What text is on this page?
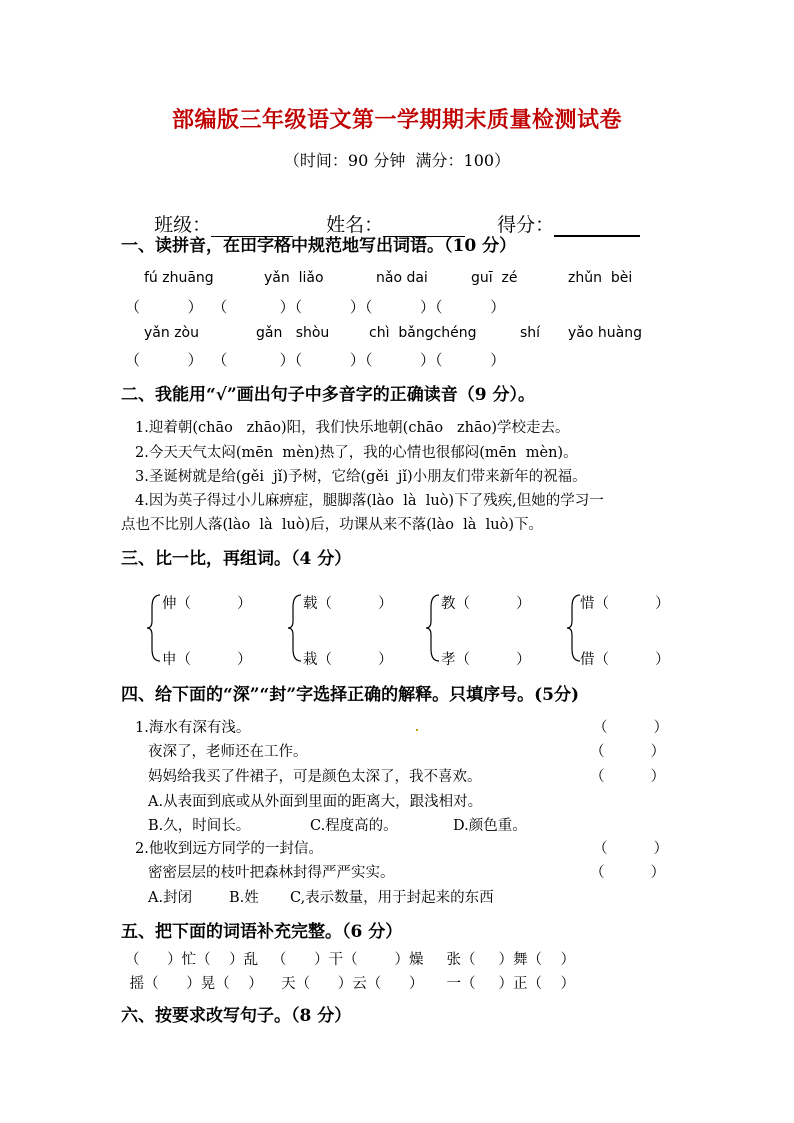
部编版三年级语文第一学期期末质量检测试卷
（时间：90 分钟  满分：100）

班级：	姓名：	得分：

一、读拼音，在田字格中规范地写出词语。（10 分）
fú zhuāng	yǎn  liǎo	nǎo dai	guī  zé	zhǔn  bèi
（          ）  （           ）（          ）（          ）（          ）
yǎn zòu	gǎn   shòu	chì  bǎngchéng	shí yǎo huàng
（          ）  （           ）（          ）（          ）（          ）
二、我能用“√”画出句子中多音字的正确读音（9 分）。
1.迎着朝(chāo   zhāo)阳，我们快乐地朝(chāo   zhāo)学校走去。
2.今天天气太闷(mēn  mèn)热了，我的心情也很郁闷(mēn  mèn)。
3.圣诞树就是给(gěi  jǐ)予树，它给(gěi  jǐ)小朋友们带来新年的祝福。
4.因为英子得过小儿麻痹症，腿脚落(lào  là  luò)下了残疾,但她的学习一
点也不比别人落(lào  là  luò)后，功课从来不落(lào  là  luò)下。
三、比一比，再组词。（4 分）
伸（          ）
申（          ）
载（          ）
栽（          ）
教（          ）
孝（          ）
惜（          ）
借（          ）
四、给下面的“深”“封”字选择正确的解释。只填序号。(5分)
1.海水有深有浅。	（          ）
夜深了，老师还在工作。	（          ）
妈妈给我买了件裙子，可是颜色太深了，我不喜欢。	（          ）
A.从表面到底或从外面到里面的距离大，跟浅相对。
B.久，时间长。	C.程度高的。	D.颜色重。
2.他收到远方同学的一封信。	（          ）
密密层层的枝叶把森林封得严严实实。	（          ）
A.封闭	B.姓 C,表示数量，用于封起来的东西
五、把下面的词语补充完整。（6 分）
（      ）忙（    ）乱   （      ）干（        ）燥     张（     ）舞（    ）
摇（      ）晃（    ）    天（      ）云（      ）     一（     ）正（    ）
六、按要求改写句子。（8 分）
